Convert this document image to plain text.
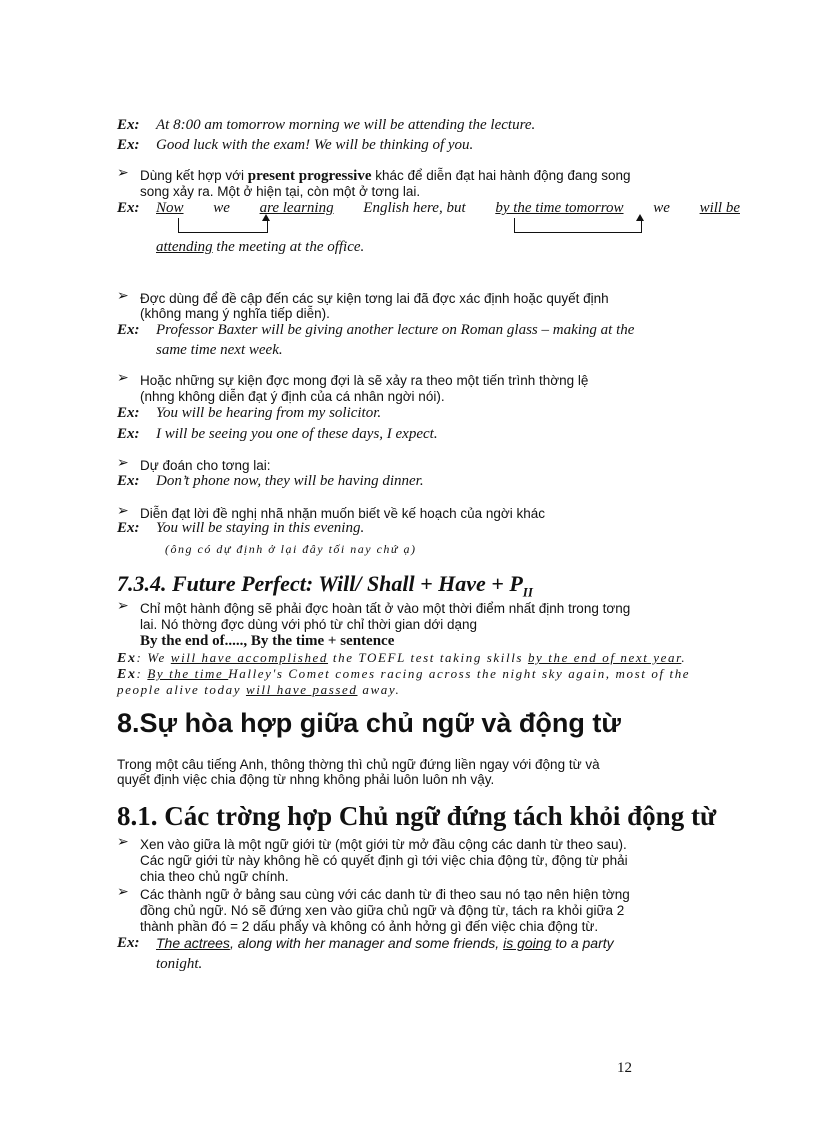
Ex: At 8:00 am tomorrow morning we will be attending the lecture.
Ex: Good luck with the exam! We will be thinking of you.
➢ Dùng kết hợp với present progressive khác để diễn đạt hai hành động đang song
song xảy ra. Một ở hiện tại, còn một ở tơng lai.
Ex: Now we are learning English here, but by the time tomorrow we will be
attending the meeting at the office.
➢ Đợc dùng để đề cập đến các sự kiện tơng lai đã đợc xác định hoặc quyết định
(không mang ý nghĩa tiếp diễn).
Ex: Professor Baxter will be giving another lecture on Roman glass – making at the
same time next week.
➢ Hoặc những sự kiện đợc mong đợi là sẽ xảy ra theo một tiến trình thờng lệ
(nhng không diễn đạt ý định của cá nhân ngời nói).
Ex: You will be hearing from my solicitor.
Ex: I will be seeing you one of these days, I expect.
➢ Dự đoán cho tơng lai:
Ex: Don’t phone now, they will be having dinner.
➢ Diễn đạt lời đề nghị nhã nhặn muốn biết về kế hoạch của ngời khác
Ex: You will be staying in this evening.
(ông có dự định ở lại đây tối nay chứ ạ)
7.3.4. Future Perfect: Will/ Shall + Have + $P_{II}$
➢ Chỉ một hành động sẽ phải đợc hoàn tất ở vào một thời điểm nhất định trong tơng
lai. Nó thờng đợc dùng với phó từ chỉ thời gian dới dạng
By the end of....., By the time + sentence
Ex: We will have accomplished the TOEFL test taking skills by the end of next year.
Ex: By the time Halley's Comet comes racing across the night sky again, most of the
people alive today will have passed away.
8.Sự hòa hợp giữa chủ ngữ và động từ
Trong một câu tiếng Anh, thông thờng thì chủ ngữ đứng liền ngay với động từ và
quyết định việc chia động từ nhng không phải luôn luôn nh vậy.
8.1. Các trờng hợp Chủ ngữ đứng tách khỏi động từ
➢ Xen vào giữa là một ngữ giới từ (một giới từ mở đầu cộng các danh từ theo sau).
Các ngữ giới từ này không hề có quyết định gì tới việc chia động từ, động từ phải
chia theo chủ ngữ chính.
➢ Các thành ngữ ở bảng sau cùng với các danh từ đi theo sau nó tạo nên hiện tờng
đồng chủ ngữ. Nó sẽ đứng xen vào giữa chủ ngữ và động từ, tách ra khỏi giữa 2
thành phần đó = 2 dấu phẩy và không có ảnh hởng gì đến việc chia động từ.
Ex: The actrees, along with her manager and some friends, is going to a party
tonight.
12
